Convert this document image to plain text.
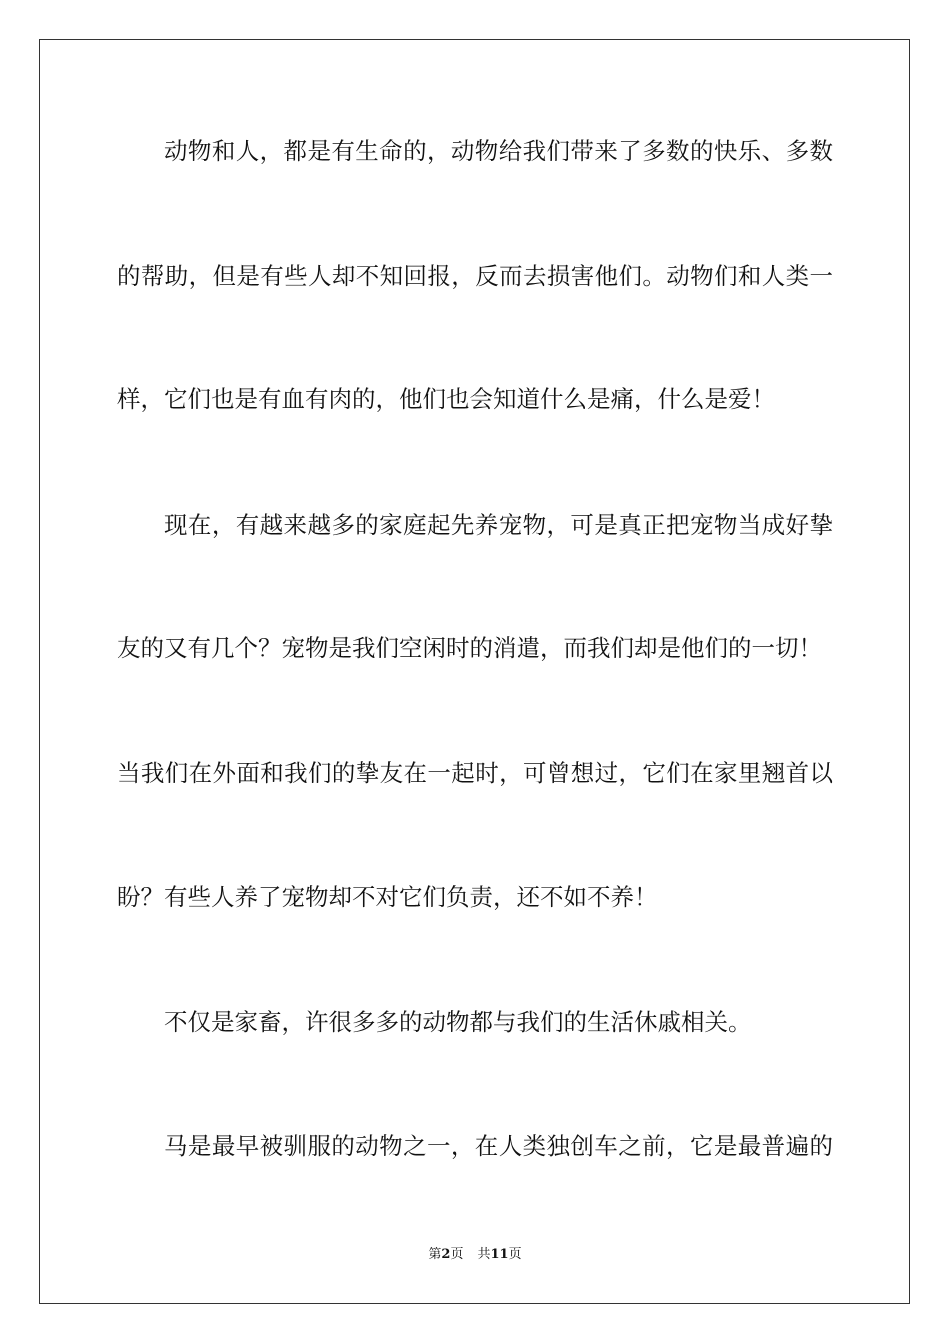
动物和人，都是有生命的，动物给我们带来了多数的快乐、多数
的帮助，但是有些人却不知回报，反而去损害他们。动物们和人类一
样，它们也是有血有肉的，他们也会知道什么是痛，什么是爱！
现在，有越来越多的家庭起先养宠物，可是真正把宠物当成好挚
友的又有几个？宠物是我们空闲时的消遣，而我们却是他们的一切！
当我们在外面和我们的挚友在一起时，可曾想过，它们在家里翘首以
盼？有些人养了宠物却不对它们负责，还不如不养！
不仅是家畜，许很多多的动物都与我们的生活休戚相关。
马是最早被驯服的动物之一，在人类独创车之前，它是最普遍的
第2页 共11页
